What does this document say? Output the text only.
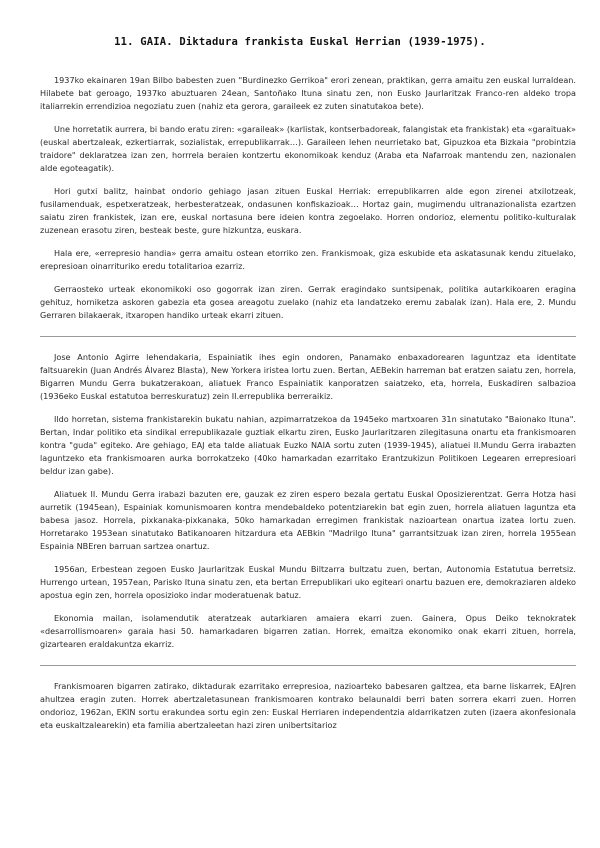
11. GAIA. Diktadura frankista Euskal Herrian (1939-1975).

1937ko ekainaren 19an Bilbo babesten zuen "Burdinezko Gerrikoa" erori zenean, praktikan, gerra amaitu zen euskal lurraldean. Hilabete bat geroago, 1937ko abuztuaren 24ean, Santoñako Ituna sinatu zen, non Eusko Jaurlaritzak Franco-ren aldeko tropa italiarrekin errendizioa negoziatu zuen (nahiz eta gerora, garaileek ez zuten sinatutakoa bete).

Une horretatik aurrera, bi bando eratu ziren: «garaileak» (karlistak, kontserbadoreak, falangistak eta frankistak) eta «garaituak» (euskal abertzaleak, ezkertiarrak, sozialistak, errepublikarrak…). Garaileen lehen neurrietako bat, Gipuzkoa eta Bizkaia "probintzia traidore" deklaratzea izan zen, horrrela beraien kontzertu ekonomikoak kenduz (Araba eta Nafarroak mantendu zen, nazionalen alde egoteagatik).

Hori gutxi balitz, hainbat ondorio gehiago jasan zituen Euskal Herriak: errepublikarren alde egon zirenei atxilotzeak, fusilamenduak, espetxeratzeak, herbesteratzeak, ondasunen konfiskazioak… Hortaz gain, mugimendu ultranazionalista ezartzen saiatu ziren frankistek, izan ere, euskal nortasuna bere ideien kontra zegoelako. Horren ondorioz, elementu politiko-kulturalak zuzenean erasotu ziren, besteak beste, gure hizkuntza, euskara.

Hala ere, «errepresio handia» gerra amaitu ostean etorriko zen. Frankismoak, giza eskubide eta askatasunak kendu zituelako, erepresioan oinarrituriko eredu totalitarioa ezarriz.

Gerraosteko urteak ekonomikoki oso gogorrak izan ziren. Gerrak eragindako suntsipenak, politika autarkikoaren eragina gehituz, horniketza askoren gabezia eta gosea areagotu zuelako (nahiz eta landatzeko eremu zabalak izan). Hala ere, 2. Mundu Gerraren bilakaerak, itxaropen handiko urteak ekarri zituen.

Jose Antonio Agirre lehendakaria, Espainiatik ihes egin ondoren, Panamako enbaxadorearen laguntzaz eta identitate faltsuarekin (Juan Andrés Álvarez Blasta), New Yorkera iristea lortu zuen. Bertan, AEBekin harreman bat eratzen saiatu zen, horrela, Bigarren Mundu Gerra bukatzerakoan, aliatuek Franco Espainiatik kanporatzen saiatzeko, eta, horrela, Euskadiren salbazioa (1936eko Euskal estatutoa berreskuratuz) zein II.errepublika berreraikiz.

Ildo horretan, sistema frankistarekin bukatu nahian, azpimarratzekoa da 1945eko martxoaren 31n sinatutako "Baionako Ituna". Bertan, Indar politiko eta sindikal errepublikazale guztiak elkartu ziren, Eusko Jaurlaritzaren zilegitasuna onartu eta frankismoaren kontra "guda" egiteko. Are gehiago, EAJ eta talde aliatuak Euzko NAIA sortu zuten (1939-1945), aliatuei II.Mundu Gerra irabazten laguntzeko eta frankismoaren aurka borrokatzeko (40ko hamarkadan ezarritako Erantzukizun Politikoen Legearen errepresioari beldur izan gabe).

Aliatuek II. Mundu Gerra irabazi bazuten ere, gauzak ez ziren espero bezala gertatu Euskal Oposizierentzat. Gerra Hotza hasi aurretik (1945ean), Espainiak komunismoaren kontra mendebaldeko potentziarekin bat egin zuen, horrela aliatuen laguntza eta babesa jasoz. Horrela, pixkanaka-pixkanaka, 50ko hamarkadan erregimen frankistak nazioartean onartua izatea lortu zuen. Horretarako 1953ean sinatutako Batikanoaren hitzardura eta AEBkin "Madrilgo Ituna" garrantsitzuak izan ziren, horrela 1955ean Espainia NBEren barruan sartzea onartuz.

1956an, Erbestean zegoen Eusko Jaurlaritzak Euskal Mundu Biltzarra bultzatu zuen, bertan, Autonomia Estatutua berretsiz. Hurrengo urtean, 1957ean, Parisko Ituna sinatu zen, eta bertan Errepublikari uko egiteari onartu bazuen ere, demokraziaren aldeko apostua egin zen, horrela oposizioko indar moderatuenak batuz.

Ekonomia mailan, isolamendutik ateratzeak autarkiaren amaiera ekarri zuen. Gainera, Opus Deiko teknokratek «desarrollismoaren» garaia hasi 50. hamarkadaren bigarren zatian. Horrek, emaitza ekonomiko onak ekarri zituen, horrela, gizartearen eraldakuntza ekarriz.

Frankismoaren bigarren zatirako, diktadurak ezarritako errepresioa, nazioarteko babesaren galtzea, eta barne liskarrek, EAJren ahultzea eragin zuten. Horrek abertzaletasunean frankismoaren kontrako belaunaldi berri baten sorrera ekarri zuen. Horren ondorioz, 1962an, EKIN sortu erakundea sortu egin zen: Euskal Herriaren independentzia aldarrikatzen zuten (izaera akonfesionala eta euskaltzalearekin) eta familia abertzaleetan hazi ziren unibertsitarioz
